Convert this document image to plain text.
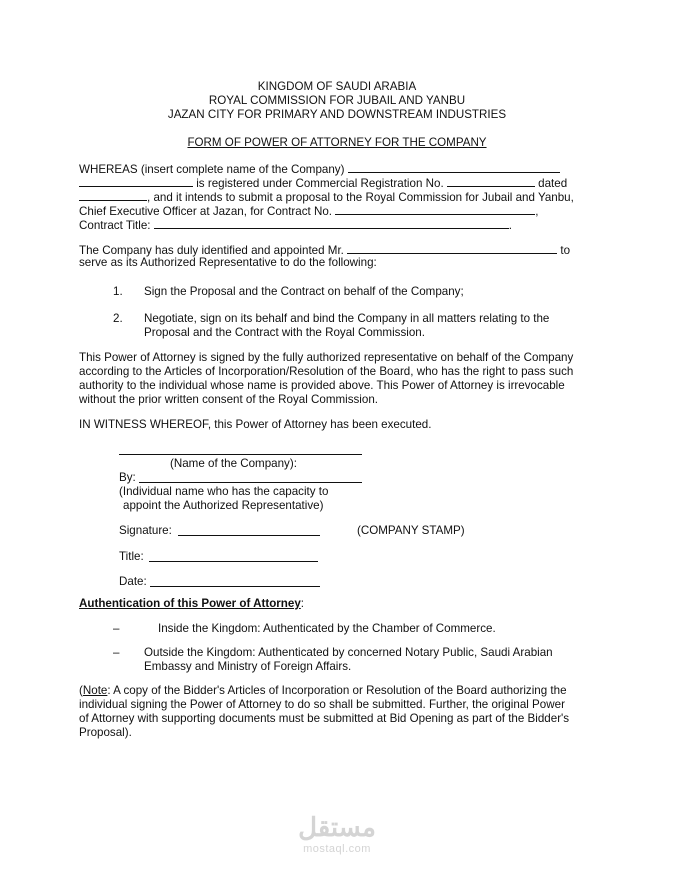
KINGDOM OF SAUDI ARABIA
ROYAL COMMISSION FOR JUBAIL AND YANBU
JAZAN CITY FOR PRIMARY AND DOWNSTREAM INDUSTRIES
FORM OF POWER OF ATTORNEY FOR THE COMPANY
WHEREAS (insert complete name of the Company)
is registered under Commercial Registration No.	dated
, and it intends to submit a proposal to the Royal Commission for Jubail and Yanbu,
Chief Executive Officer at Jazan, for Contract No.	,
Contract Title:	.
The Company has duly identified and appointed Mr.	to
serve as its Authorized Representative to do the following:
1. Sign the Proposal and the Contract on behalf of the Company;
2. Negotiate, sign on its behalf and bind the Company in all matters relating to the
Proposal and the Contract with the Royal Commission.
This Power of Attorney is signed by the fully authorized representative on behalf of the Company
according to the Articles of Incorporation/Resolution of the Board, who has the right to pass such
authority to the individual whose name is provided above. This Power of Attorney is irrevocable
without the prior written consent of the Royal Commission.
IN WITNESS WHEREOF, this Power of Attorney has been executed.
(Name of the Company):
By:
(Individual name who has the capacity to
appoint the Authorized Representative)
Signature:	(COMPANY STAMP)
Title:
Date:
Authentication of this Power of Attorney:
–	Inside the Kingdom: Authenticated by the Chamber of Commerce.
– Outside the Kingdom: Authenticated by concerned Notary Public, Saudi Arabian
Embassy and Ministry of Foreign Affairs.
(Note: A copy of the Bidder's Articles of Incorporation or Resolution of the Board authorizing the
individual signing the Power of Attorney to do so shall be submitted. Further, the original Power
of Attorney with supporting documents must be submitted at Bid Opening as part of the Bidder's
Proposal).
مستقل
mostaql.com
